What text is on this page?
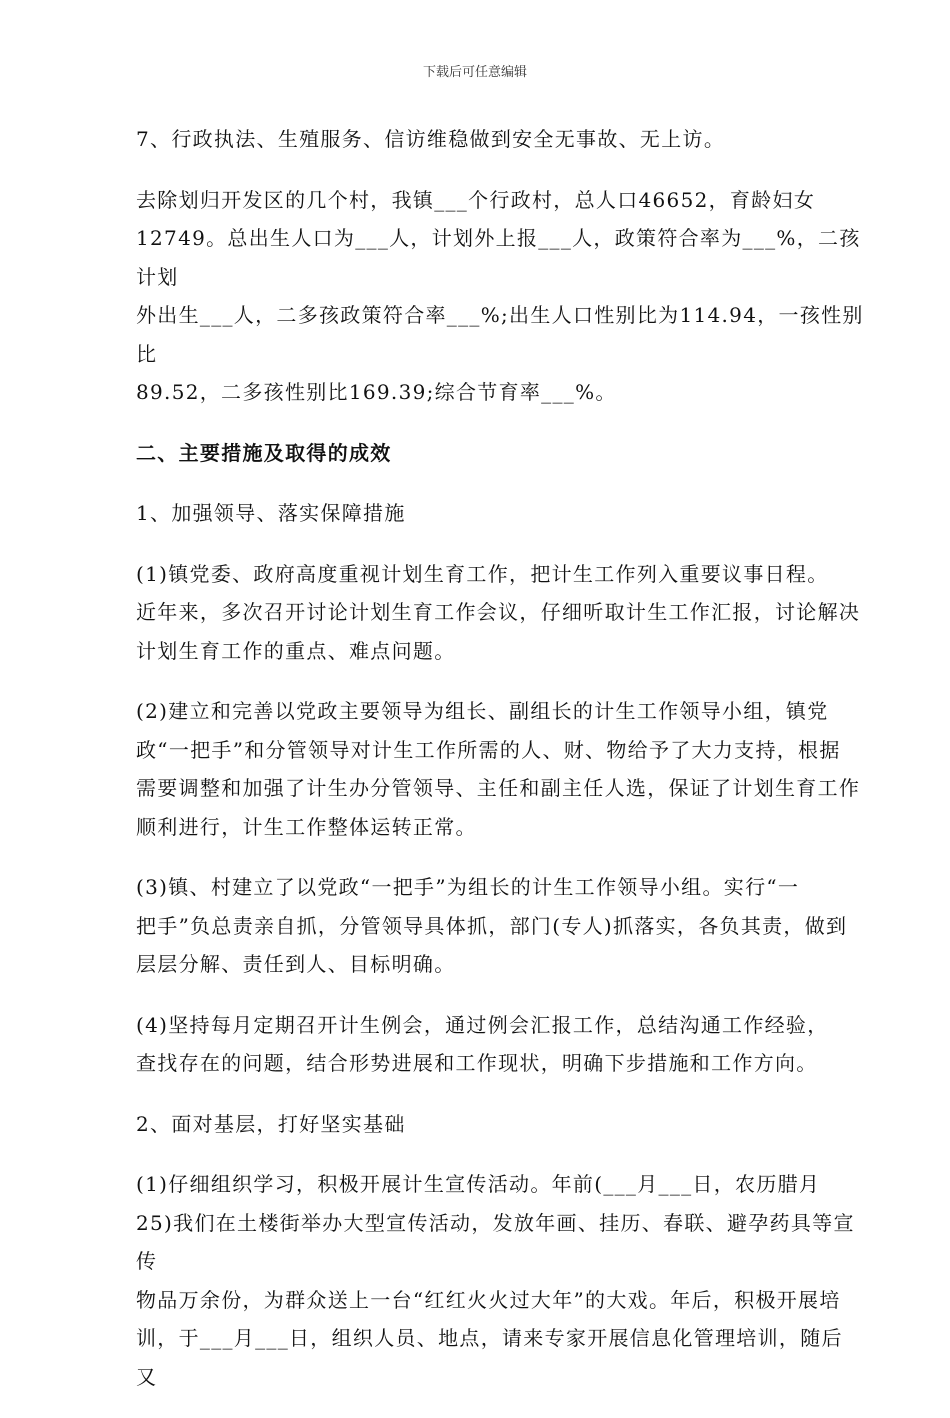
下载后可任意编辑

7、行政执法、生殖服务、信访维稳做到安全无事故、无上访。

去除划归开发区的几个村，我镇___个行政村，总人口46652，育龄妇女
12749。总出生人口为___人，计划外上报___人，政策符合率为___%，二孩计划
外出生___人，二多孩政策符合率___%;出生人口性别比为114.94，一孩性别比
89.52，二多孩性别比169.39;综合节育率___%。

二、主要措施及取得的成效

1、加强领导、落实保障措施

(1)镇党委、政府高度重视计划生育工作，把计生工作列入重要议事日程。
近年来，多次召开讨论计划生育工作会议，仔细听取计生工作汇报，讨论解决
计划生育工作的重点、难点问题。

(2)建立和完善以党政主要领导为组长、副组长的计生工作领导小组，镇党
政“一把手”和分管领导对计生工作所需的人、财、物给予了大力支持，根据
需要调整和加强了计生办分管领导、主任和副主任人选，保证了计划生育工作
顺利进行，计生工作整体运转正常。

(3)镇、村建立了以党政“一把手”为组长的计生工作领导小组。实行“一
把手”负总责亲自抓，分管领导具体抓，部门(专人)抓落实，各负其责，做到
层层分解、责任到人、目标明确。

(4)坚持每月定期召开计生例会，通过例会汇报工作，总结沟通工作经验，
查找存在的问题，结合形势进展和工作现状，明确下步措施和工作方向。

2、面对基层，打好坚实基础

(1)仔细组织学习，积极开展计生宣传活动。年前(___月___日，农历腊月
25)我们在土楼街举办大型宣传活动，发放年画、挂历、春联、避孕药具等宣传
物品万余份，为群众送上一台“红红火火过大年”的大戏。年后，积极开展培
训，于___月___日，组织人员、地点，请来专家开展信息化管理培训，随后又
